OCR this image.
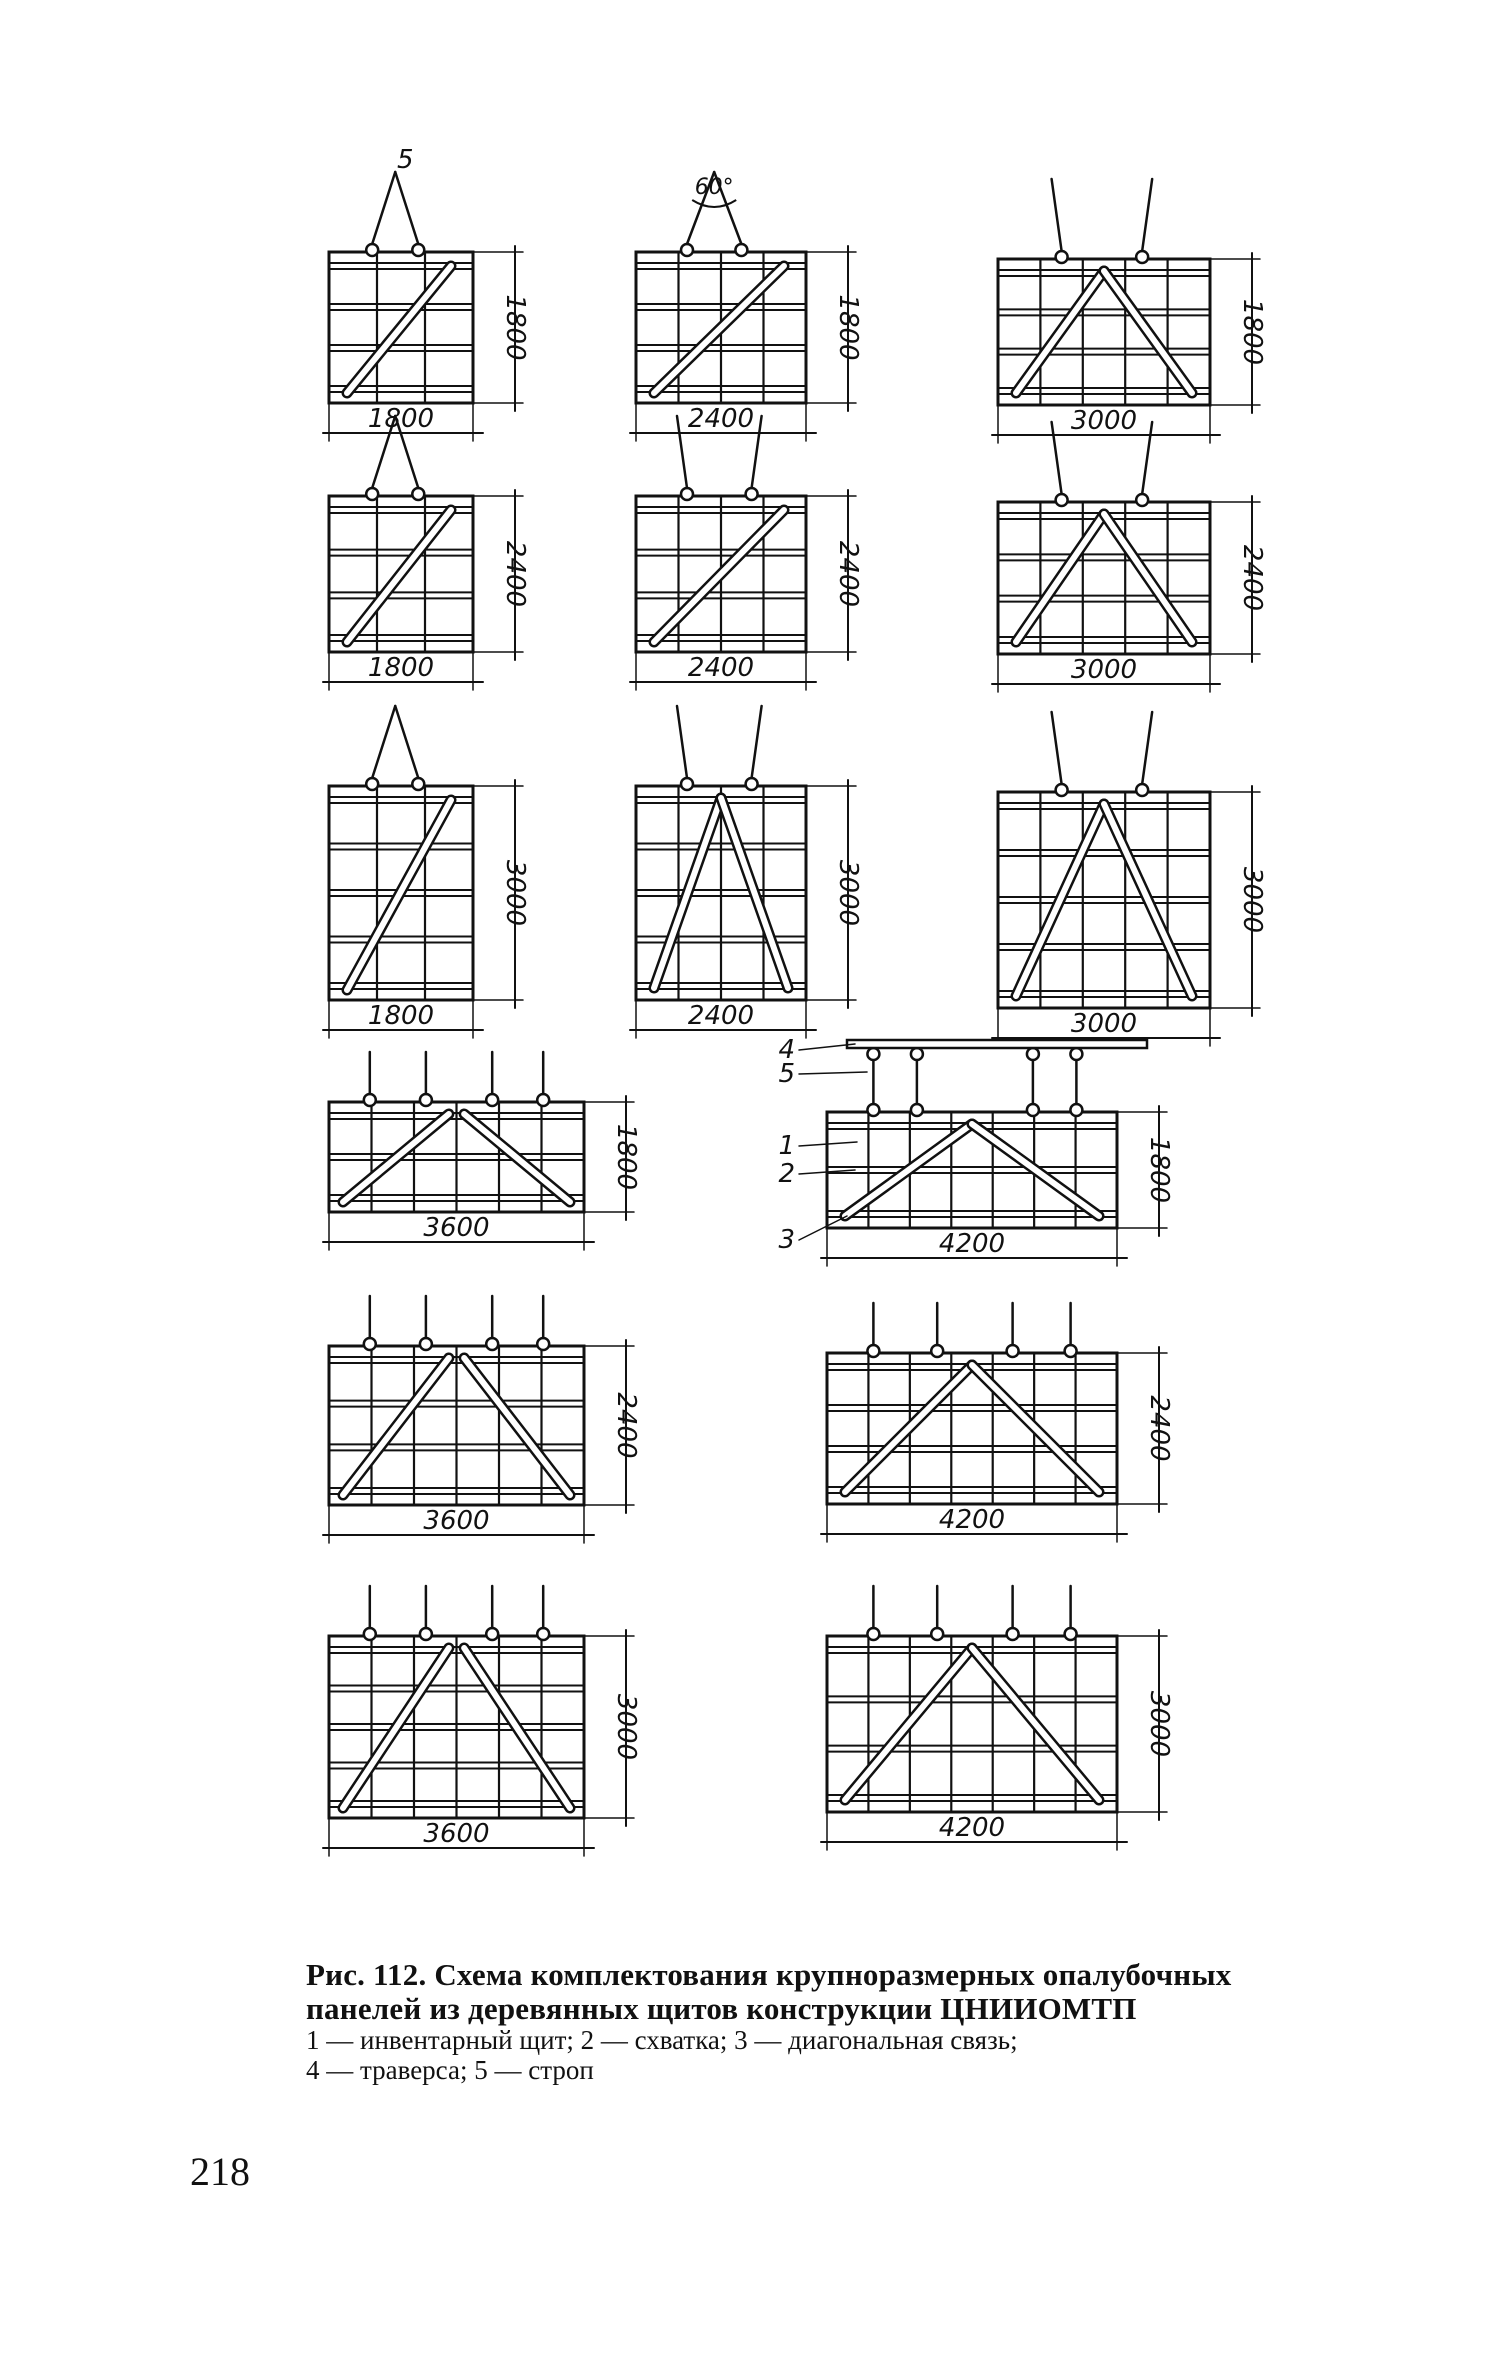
1800
1800
5
2400
1800
60°
3000
1800
1800
2400
2400
2400
3000
2400
1800
3000
2400
3000
3000
3000
3600
1800
4200
1800
4
5
1
2
3
3600
2400
4200
2400
3600
3000
4200
3000
Рис. 112. Схема комплектования крупноразмерных опалубочных панелей из деревянных щитов конструкции ЦНИИОМТП
1 — инвентарный щит; 2 — схватка; 3 — диагональная связь;
4 — траверса; 5 — строп
218
